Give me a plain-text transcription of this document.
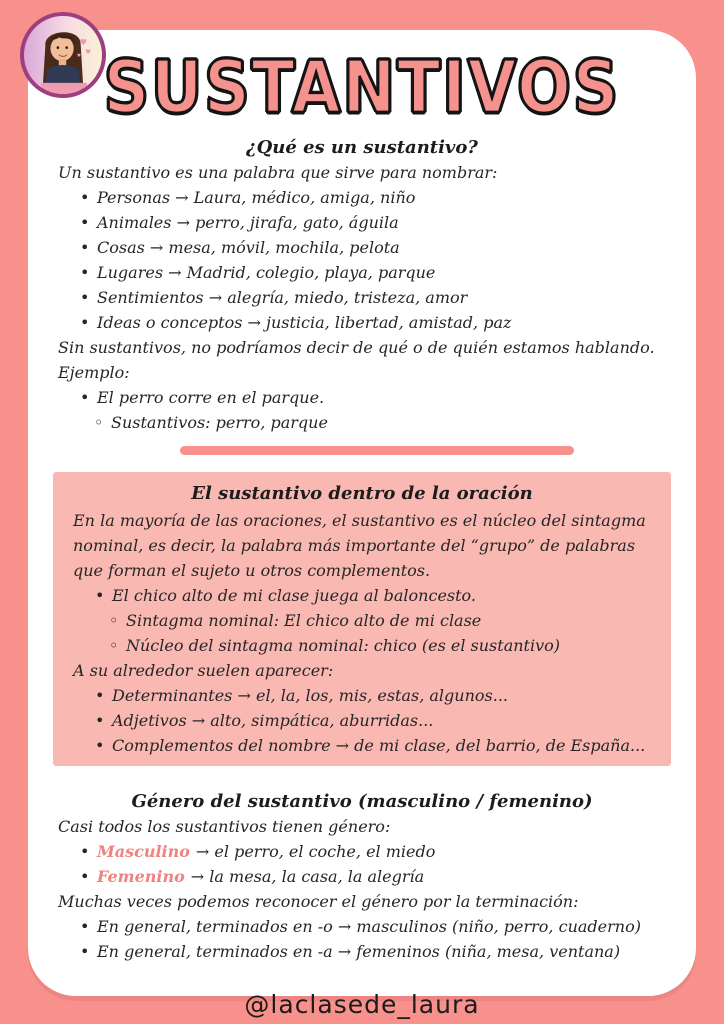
♥
♥
♥ SUSTANTIVOS
¿Qué es un sustantivo?

Un sustantivo es una palabra que sirve para nombrar:

• Personas → Laura, médico, amiga, niño
• Animales → perro, jirafa, gato, águila
• Cosas → mesa, móvil, mochila, pelota
• Lugares → Madrid, colegio, playa, parque
• Sentimientos → alegría, miedo, tristeza, amor
• Ideas o conceptos → justicia, libertad, amistad, paz

Sin sustantivos, no podríamos decir de qué o de quién estamos hablando. Ejemplo:

• El perro corre en el parque.
◦ Sustantivos: perro, parque
El sustantivo dentro de la oración

En la mayoría de las oraciones, el sustantivo es el núcleo del sintagma nominal, es decir, la palabra más importante del “grupo” de palabras que forman el sujeto u otros complementos.

• El chico alto de mi clase juega al baloncesto.
◦ Sintagma nominal: El chico alto de mi clase
◦ Núcleo del sintagma nominal: chico (es el sustantivo)

A su alrededor suelen aparecer:

• Determinantes → el, la, los, mis, estas, algunos...
• Adjetivos → alto, simpática, aburridas...
• Complementos del nombre → de mi clase, del barrio, de España...
Género del sustantivo (masculino / femenino)

Casi todos los sustantivos tienen género:

• Masculino → el perro, el coche, el miedo
• Femenino → la mesa, la casa, la alegría

Muchas veces podemos reconocer el género por la terminación:

• En general, terminados en -o → masculinos (niño, perro, cuaderno)
• En general, terminados en -a → femeninos (niña, mesa, ventana)
@laclasede_laura
